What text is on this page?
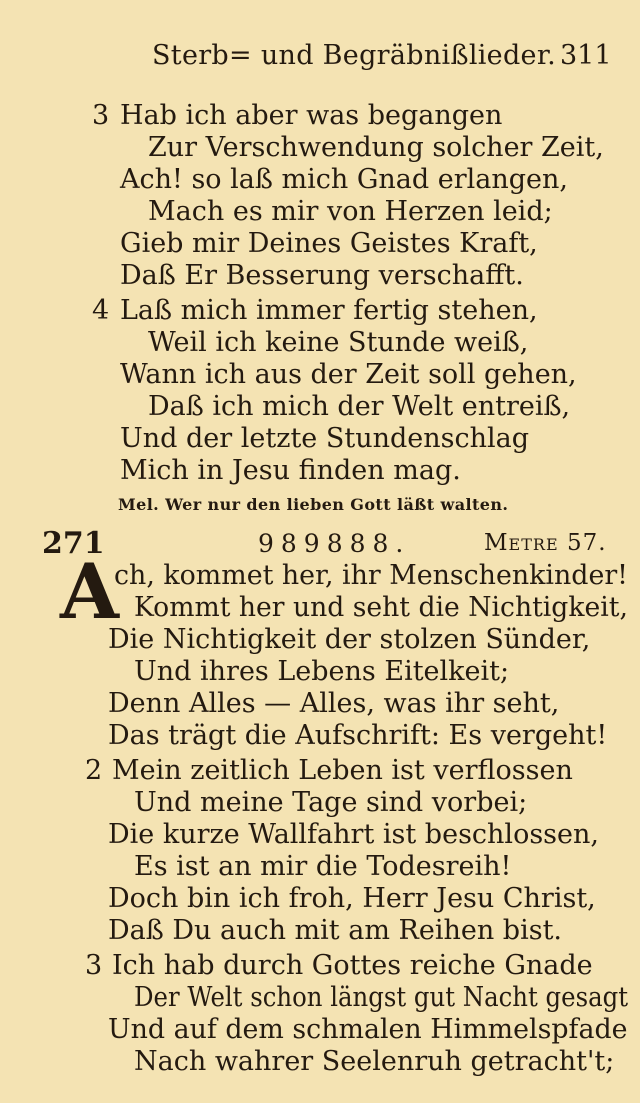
Sterb= und Begräbnißlieder. 311
3 Hab ich aber was begangen
Zur Verschwendung solcher Zeit,
Ach! so laß mich Gnad erlangen,
Mach es mir von Herzen leid;
Gieb mir Deines Geistes Kraft,
Daß Er Besserung verschafft.
4 Laß mich immer fertig stehen,
Weil ich keine Stunde weiß,
Wann ich aus der Zeit soll gehen,
Daß ich mich der Welt entreiß,
Und der letzte Stundenschlag
Mich in Jesu finden mag.
Mel. Wer nur den lieben Gott läßt walten.
271	989888.	Metre 57.
A
ch, kommet her, ihr Menschenkinder!
Kommt her und seht die Nichtigkeit,
Die Nichtigkeit der stolzen Sünder,
Und ihres Lebens Eitelkeit;
Denn Alles — Alles, was ihr seht,
Das trägt die Aufschrift: Es vergeht!
2 Mein zeitlich Leben ist verflossen
Und meine Tage sind vorbei;
Die kurze Wallfahrt ist beschlossen,
Es ist an mir die Todesreih!
Doch bin ich froh, Herr Jesu Christ,
Daß Du auch mit am Reihen bist.
3 Ich hab durch Gottes reiche Gnade
Der Welt schon längst gut Nacht gesagt
Und auf dem schmalen Himmelspfade
Nach wahrer Seelenruh getracht't;
